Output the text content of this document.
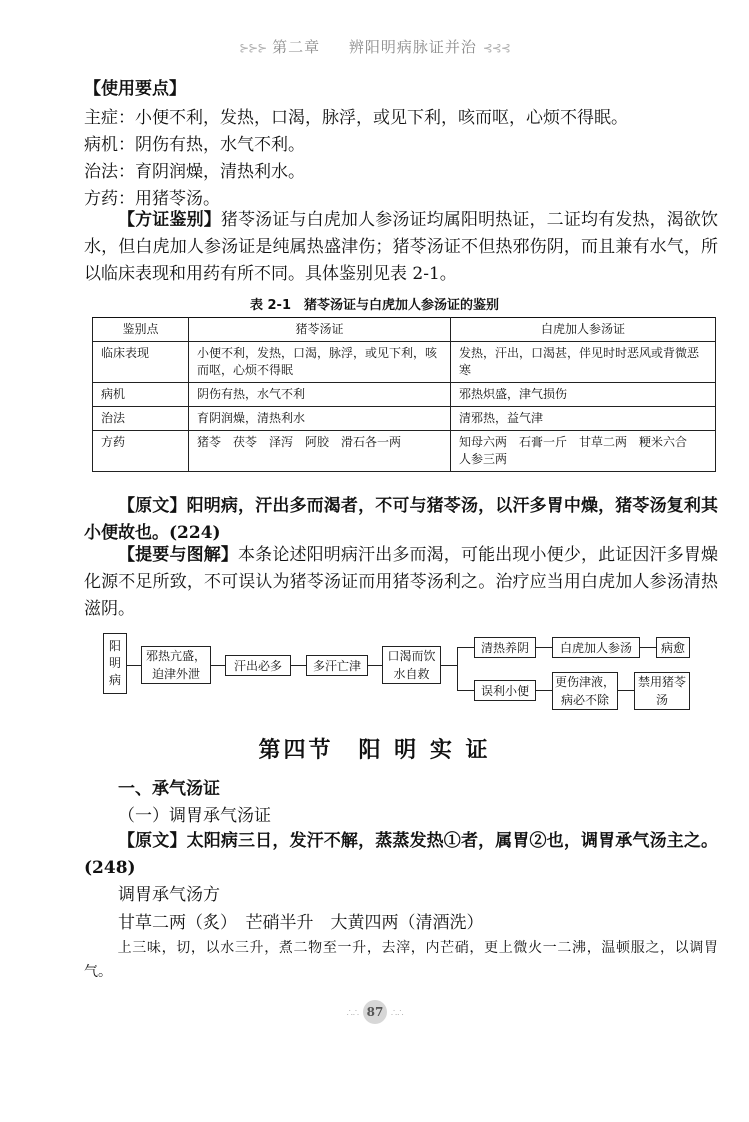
⊱⊱⊱ 第二章 辨阳明病脉证并治 ⊰⊰⊰
【使用要点】
主症：小便不利，发热，口渴，脉浮，或见下利，咳而呕，心烦不得眠。
病机：阴伤有热，水气不利。
治法：育阴润燥，清热利水。
方药：用猪苓汤。
【方证鉴别】猪苓汤证与白虎加人参汤证均属阳明热证，二证均有发热，渴欲饮水，但白虎加人参汤证是纯属热盛津伤；猪苓汤证不但热邪伤阴，而且兼有水气，所以临床表现和用药有所不同。具体鉴别见表 2-1。
表 2-1　猪苓汤证与白虎加人参汤证的鉴别
鉴别点	猪苓汤证	白虎加人参汤证
临床表现	小便不利，发热，口渴，脉浮，或见下利，咳而呕，心烦不得眠	发热，汗出，口渴甚，伴见时时恶风或背微恶寒
病机	阴伤有热，水气不利	邪热炽盛，津气损伤
治法	育阴润燥，清热利水	清邪热，益气津
方药	猪苓　茯苓　泽泻　阿胶　滑石各一两	知母六两　石膏一斤　甘草二两　粳米六合　人参三两
【原文】阳明病，汗出多而渴者，不可与猪苓汤，以汗多胃中燥，猪苓汤复利其小便故也。(224)
【提要与图解】本条论述阳明病汗出多而渴，可能出现小便少，此证因汗多胃燥化源不足所致，不可误认为猪苓汤证而用猪苓汤利之。治疗应当用白虎加人参汤清热滋阴。
阳明病
邪热亢盛，迫津外泄
汗出必多	多汗亡津
口渴而饮水自救
清热养阴	白虎加人参汤	病愈
误利小便
更伤津液，病必不除
禁用猪苓汤
第四节　阳 明 实 证
一、承气汤证
（一）调胃承气汤证
【原文】太阳病三日，发汗不解，蒸蒸发热①者，属胃②也，调胃承气汤主之。(248)
调胃承气汤方
甘草二两（炙）　芒硝半升　大黄四两（清酒洗）
上三味，切，以水三升，煮二物至一升，去滓，内芒硝，更上微火一二沸，温顿服之，以调胃气。
∴∴ 87 ∴∴
